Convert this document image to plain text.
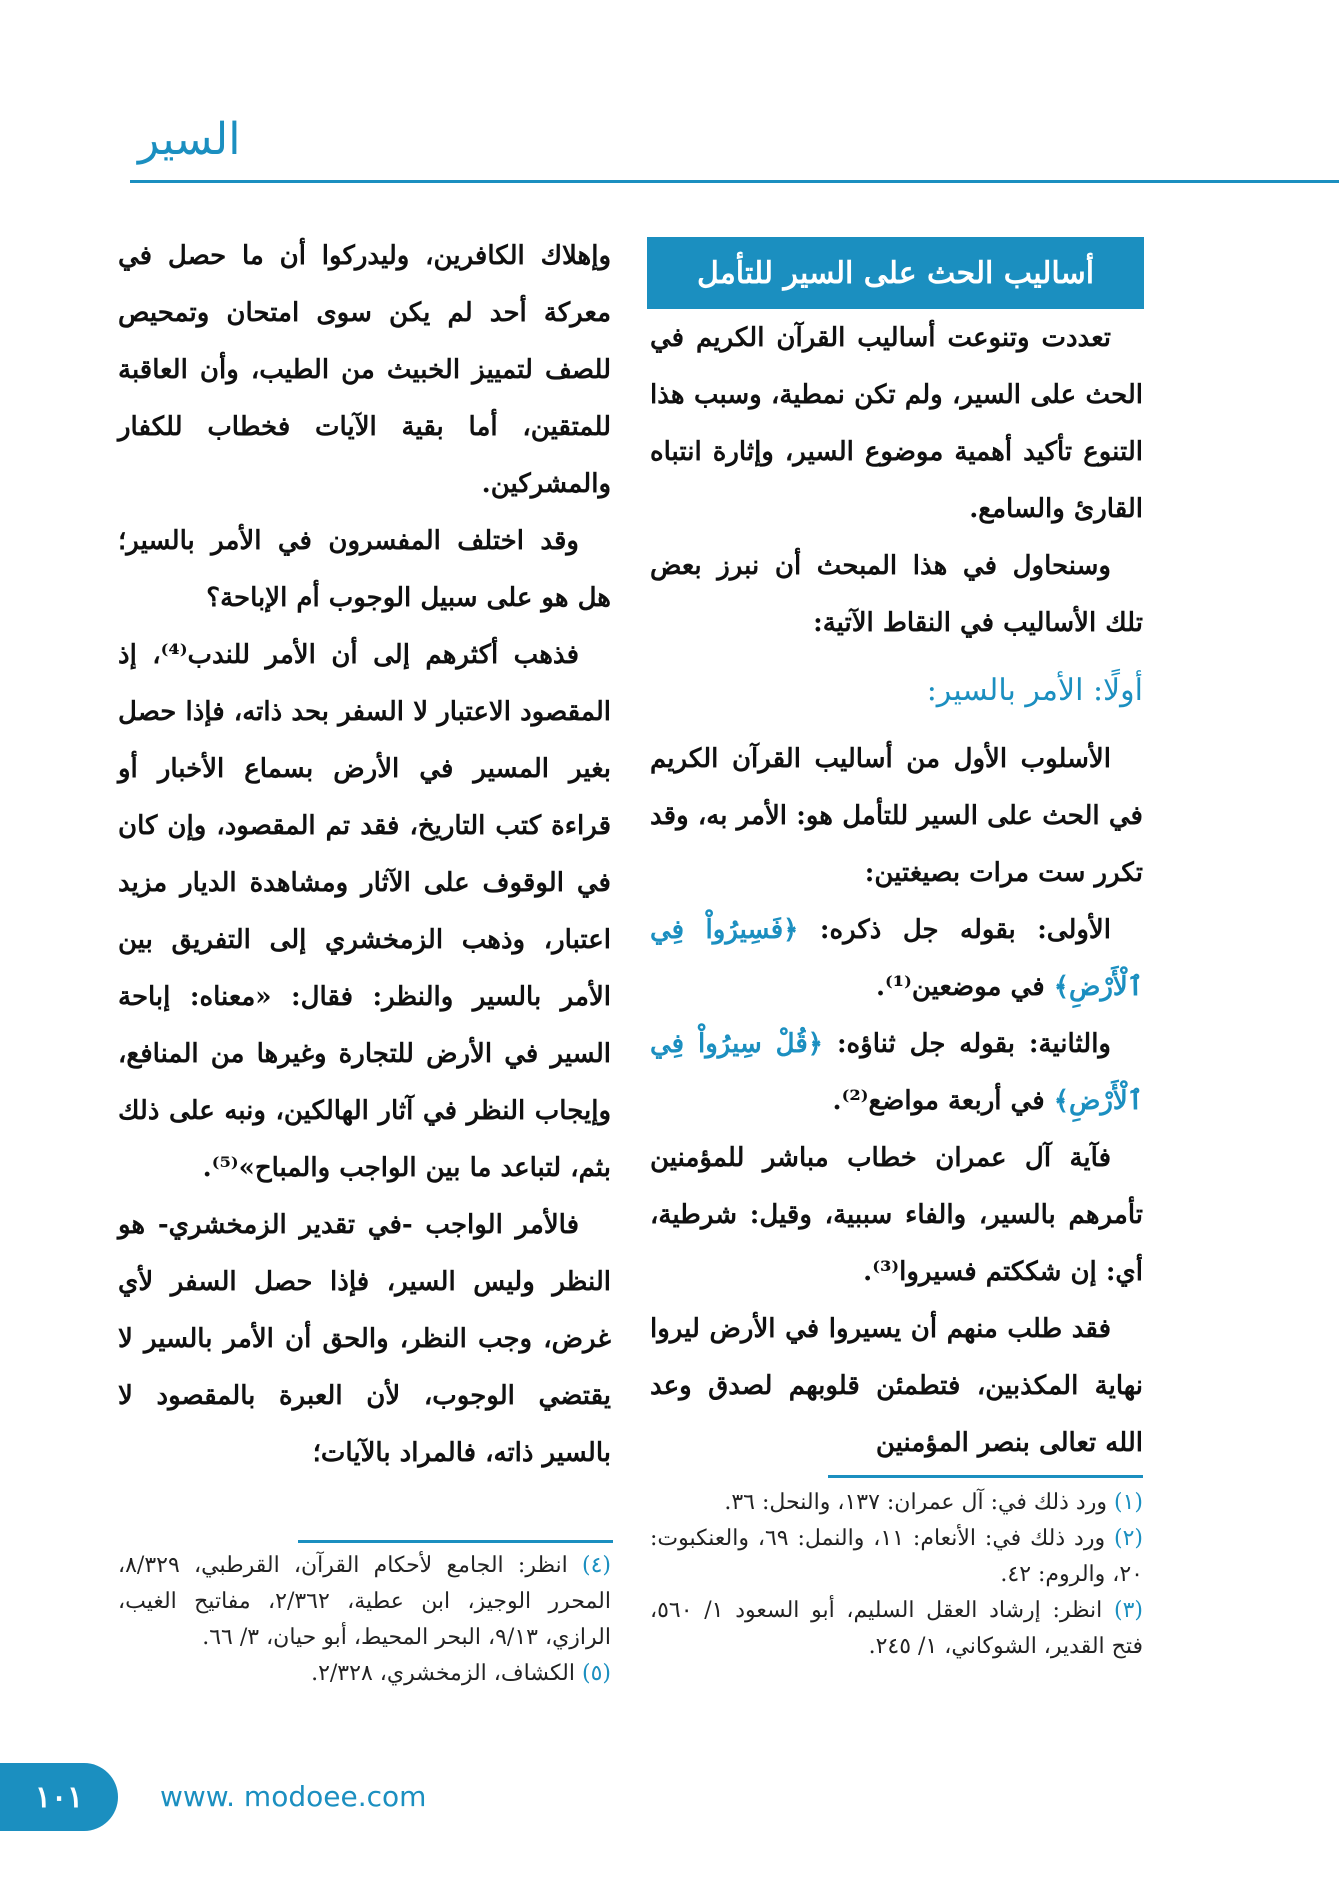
السير
أساليب الحث على السير للتأمل

تعددت وتنوعت أساليب القرآن الكريم في الحث على السير، ولم تكن نمطية، وسبب هذا التنوع تأكيد أهمية موضوع السير، وإثارة انتباه القارئ والسامع.

وسنحاول في هذا المبحث أن نبرز بعض تلك الأساليب في النقاط الآتية:

أولًا: الأمر بالسير:

الأسلوب الأول من أساليب القرآن الكريم في الحث على السير للتأمل هو: الأمر به، وقد تكرر ست مرات بصيغتين:

الأولى: بقوله جل ذكره: ﴿فَسِيرُواْ فِي ٱلْأَرْضِ﴾ في موضعين⁽¹⁾.

والثانية: بقوله جل ثناؤه: ﴿قُلْ سِيرُواْ فِي ٱلْأَرْضِ﴾ في أربعة مواضع⁽²⁾.

فآية آل عمران خطاب مباشر للمؤمنين تأمرهم بالسير، والفاء سببية، وقيل: شرطية، أي: إن شككتم فسيروا⁽³⁾.

فقد طلب منهم أن يسيروا في الأرض ليروا نهاية المكذبين، فتطمئن قلوبهم لصدق وعد الله تعالى بنصر المؤمنين

وإهلاك الكافرين، وليدركوا أن ما حصل في معركة أحد لم يكن سوى امتحان وتمحيص للصف لتمييز الخبيث من الطيب، وأن العاقبة للمتقين، أما بقية الآيات فخطاب للكفار والمشركين.

وقد اختلف المفسرون في الأمر بالسير؛ هل هو على سبيل الوجوب أم الإباحة؟

فذهب أكثرهم إلى أن الأمر للندب⁽⁴⁾، إذ المقصود الاعتبار لا السفر بحد ذاته، فإذا حصل بغير المسير في الأرض بسماع الأخبار أو قراءة كتب التاريخ، فقد تم المقصود، وإن كان في الوقوف على الآثار ومشاهدة الديار مزيد اعتبار، وذهب الزمخشري إلى التفريق بين الأمر بالسير والنظر: فقال: «معناه: إباحة السير في الأرض للتجارة وغيرها من المنافع، وإيجاب النظر في آثار الهالكين، ونبه على ذلك بثم، لتباعد ما بين الواجب والمباح»⁽⁵⁾.

فالأمر الواجب -في تقدير الزمخشري- هو النظر وليس السير، فإذا حصل السفر لأي غرض، وجب النظر، والحق أن الأمر بالسير لا يقتضي الوجوب، لأن العبرة بالمقصود لا بالسير ذاته، فالمراد بالآيات؛

(١) ورد ذلك في: آل عمران: ١٣٧، والنحل: ٣٦.

(٢) ورد ذلك في: الأنعام: ١١، والنمل: ٦٩، والعنكبوت: ٢٠، والروم: ٤٢.

(٣) انظر: إرشاد العقل السليم، أبو السعود ١/ ٥٦٠، فتح القدير، الشوكاني، ١/ ٢٤٥.

(٤) انظر: الجامع لأحكام القرآن، القرطبي، ٨/٣٢٩، المحرر الوجيز، ابن عطية، ٢/٣٦٢، مفاتيح الغيب، الرازي، ٩/١٣، البحر المحيط، أبو حيان، ٣/ ٦٦.

(٥) الكشاف، الزمخشري، ٢/٣٢٨.

١٠١	www. modoee.com
